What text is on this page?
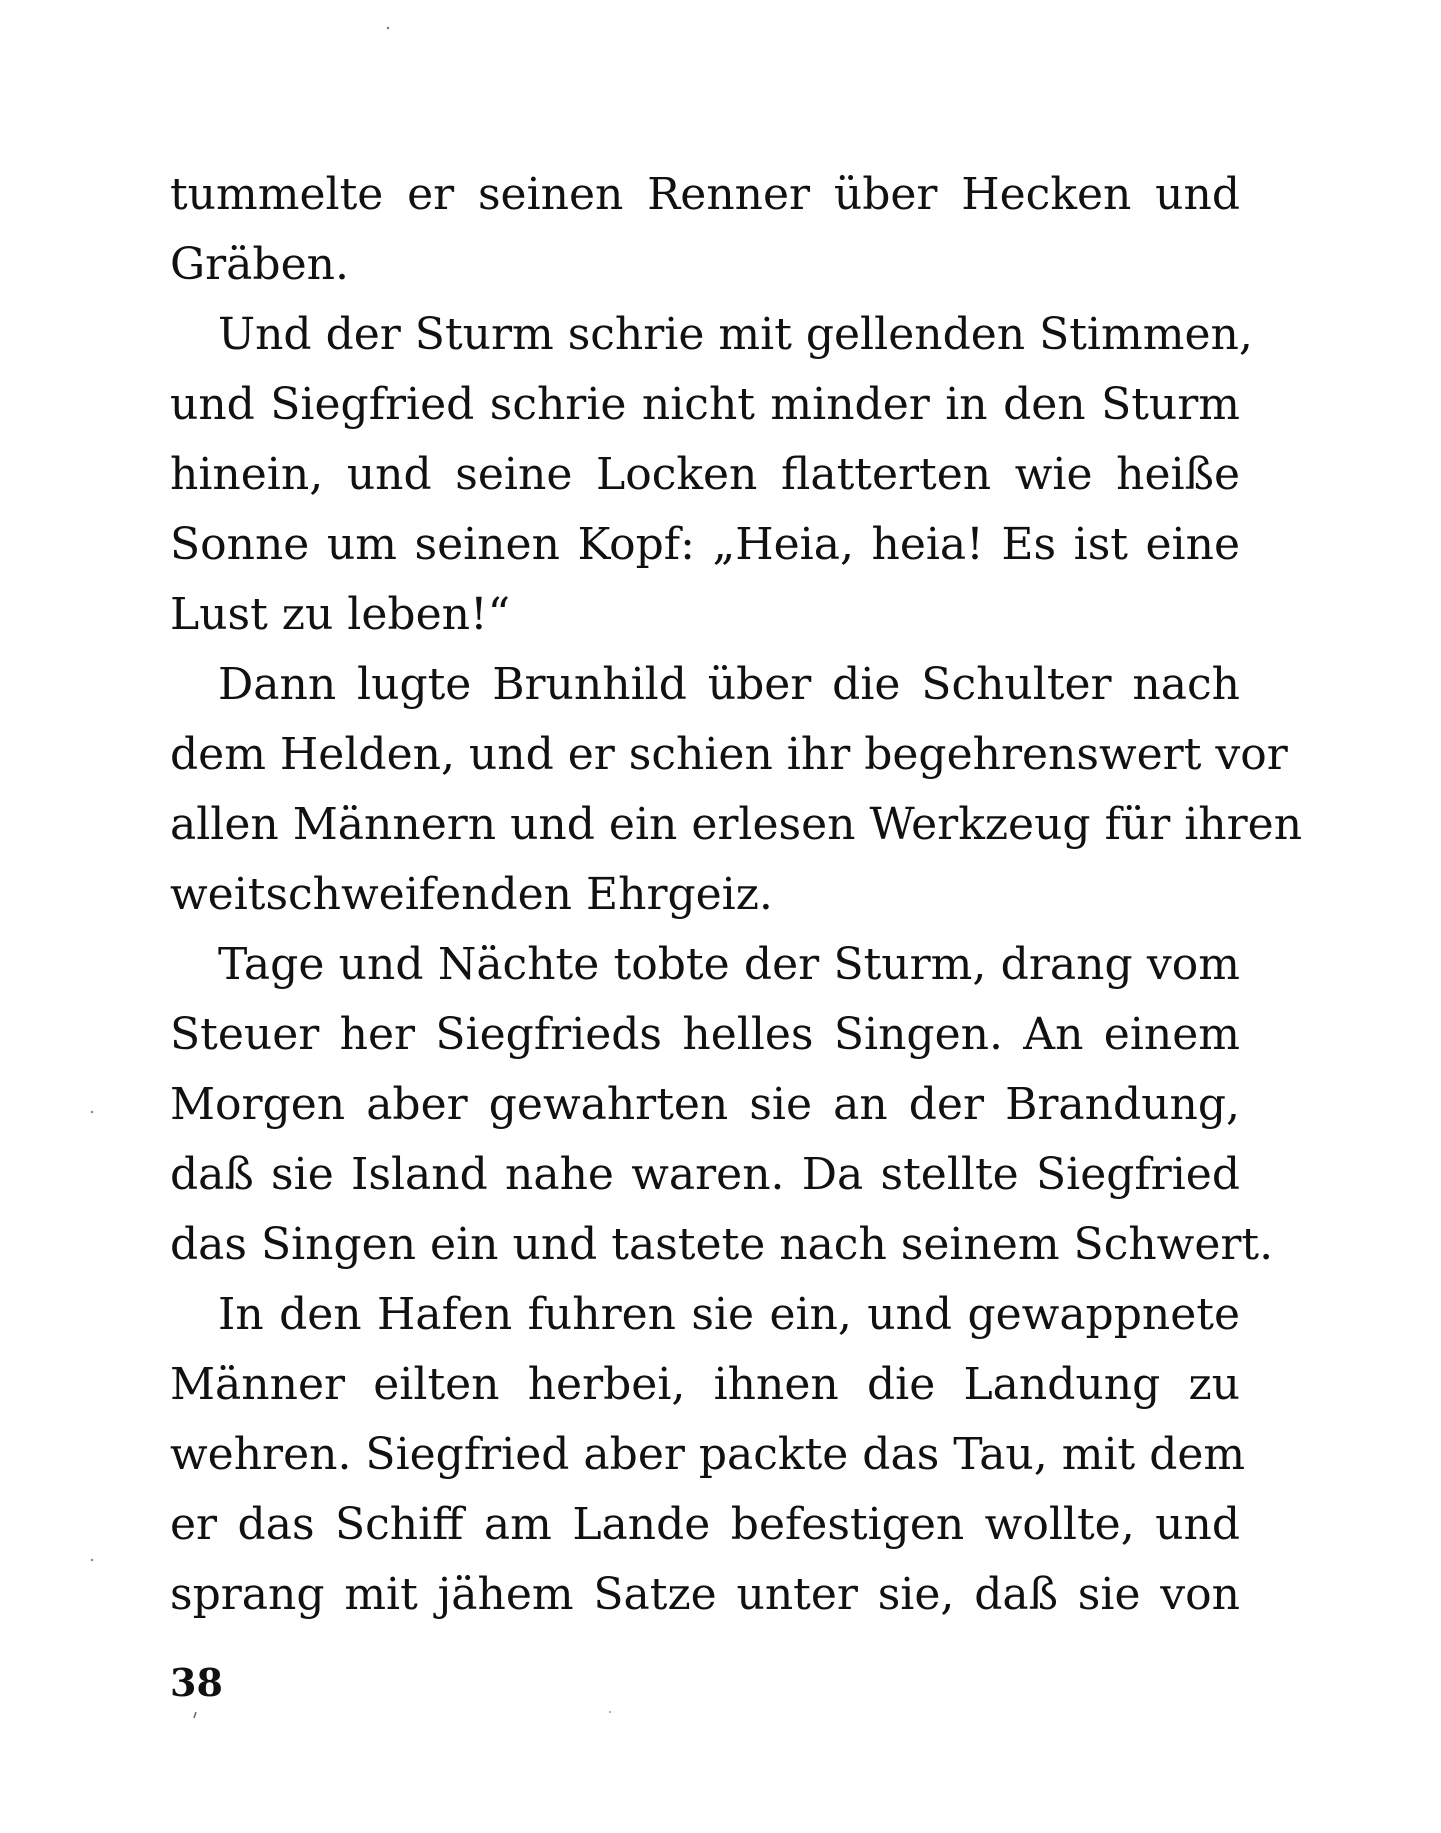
tummelte er seinen Renner über Hecken und
Gräben.

Und der Sturm schrie mit gellenden Stimmen,
und Siegfried schrie nicht minder in den Sturm
hinein, und seine Locken flatterten wie heiße
Sonne um seinen Kopf: „Heia, heia! Es ist eine
Lust zu leben!“

Dann lugte Brunhild über die Schulter nach
dem Helden, und er schien ihr begehrenswert vor
allen Männern und ein erlesen Werkzeug für ihren
weitschweifenden Ehrgeiz.

Tage und Nächte tobte der Sturm, drang vom
Steuer her Siegfrieds helles Singen. An einem
Morgen aber gewahrten sie an der Brandung,
daß sie Island nahe waren. Da stellte Siegfried
das Singen ein und tastete nach seinem Schwert.

In den Hafen fuhren sie ein, und gewappnete
Männer eilten herbei, ihnen die Landung zu
wehren. Siegfried aber packte das Tau, mit dem
er das Schiff am Lande befestigen wollte, und
sprang mit jähem Satze unter sie, daß sie von

38
